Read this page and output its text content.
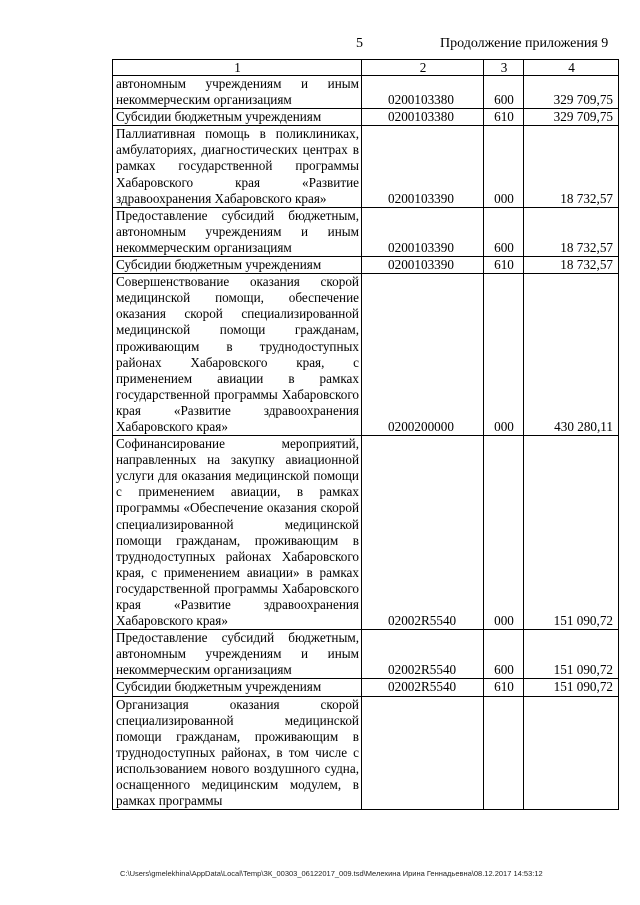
5	Продолжение приложения 9
1	2	3	4
автономным учреждениям и иным некоммерческим организациям	0200103380	600	329 709,75
Субсидии бюджетным учреждениям	0200103380	610	329 709,75
Паллиативная помощь в поликлиниках, амбулаториях, диагностических центрах в рамках государственной программы Хабаровского края «Развитие здравоохранения Хабаровского края»	0200103390	000	18 732,57
Предоставление субсидий бюджетным, автономным учреждениям и иным некоммерческим организациям	0200103390	600	18 732,57
Субсидии бюджетным учреждениям	0200103390	610	18 732,57
Совершенствование оказания скорой медицинской помощи, обеспечение оказания скорой специализированной медицинской помощи гражданам, проживающим в труднодоступных районах Хабаровского края, с применением авиации в рамках государственной программы Хабаровского края «Развитие здравоохранения Хабаровского края»	0200200000	000	430 280,11
Софинансирование мероприятий, направленных на закупку авиационной услуги для оказания медицинской помощи с применением авиации, в рамках программы «Обеспечение оказания скорой специализированной медицинской помощи гражданам, проживающим в труднодоступных районах Хабаровского края, с применением авиации» в рамках государственной программы Хабаровского края «Развитие здравоохранения Хабаровского края»	02002R5540	000	151 090,72
Предоставление субсидий бюджетным, автономным учреждениям и иным некоммерческим организациям	02002R5540	600	151 090,72
Субсидии бюджетным учреждениям	02002R5540	610	151 090,72
Организация оказания скорой специализированной медицинской помощи гражданам, проживающим в труднодоступных районах, в том числе с использованием нового воздушного судна, оснащенного медицинским модулем, в рамках программы			
C:\Users\gmelekhina\AppData\Local\Temp\ЗК_00303_06122017_009.tsd\Мелехина Ирина Геннадьевна\08.12.2017 14:53:12
